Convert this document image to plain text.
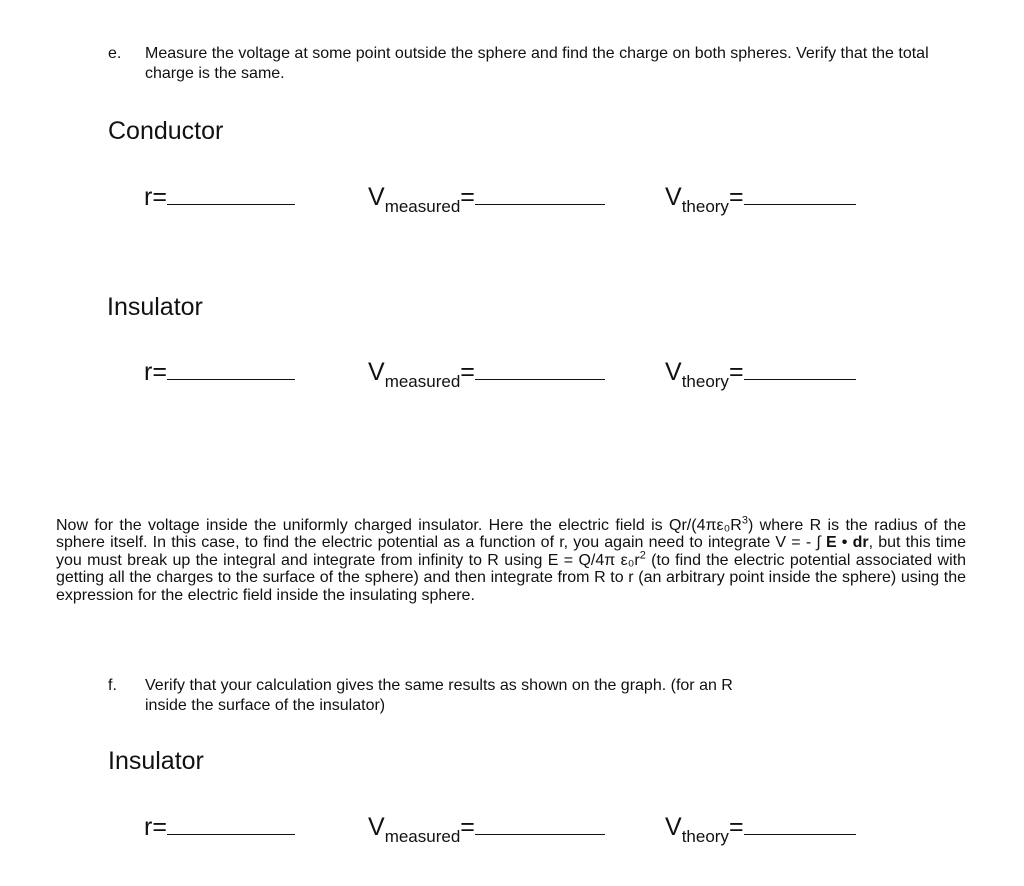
e. Measure the voltage at some point outside the sphere and find the charge on both spheres. Verify that the total charge is the same.
Conductor
r=	$V_{measured}=$	$V_{theory}=$
Insulator
r=	$V_{measured}=$	$V_{theory}=$
Now for the voltage inside the uniformly charged insulator. Here the electric field is $Qr/(4\pi\varepsilon_0R^3)$ where R is the radius of the sphere itself. In this case, to find the electric potential as a function of r, you again need to integrate V = - ∫ E • dr, but this time you must break up the integral and integrate from infinity to R using E = Q/4π $\varepsilon_0r^2$ (to find the electric potential associated with getting all the charges to the surface of the sphere) and then integrate from R to r (an arbitrary point inside the sphere) using the expression for the electric field inside the insulating sphere.
f. Verify that your calculation gives the same results as shown on the graph. (for an R
inside the surface of the insulator)
Insulator
r=	$V_{measured}=$	$V_{theory}=$
